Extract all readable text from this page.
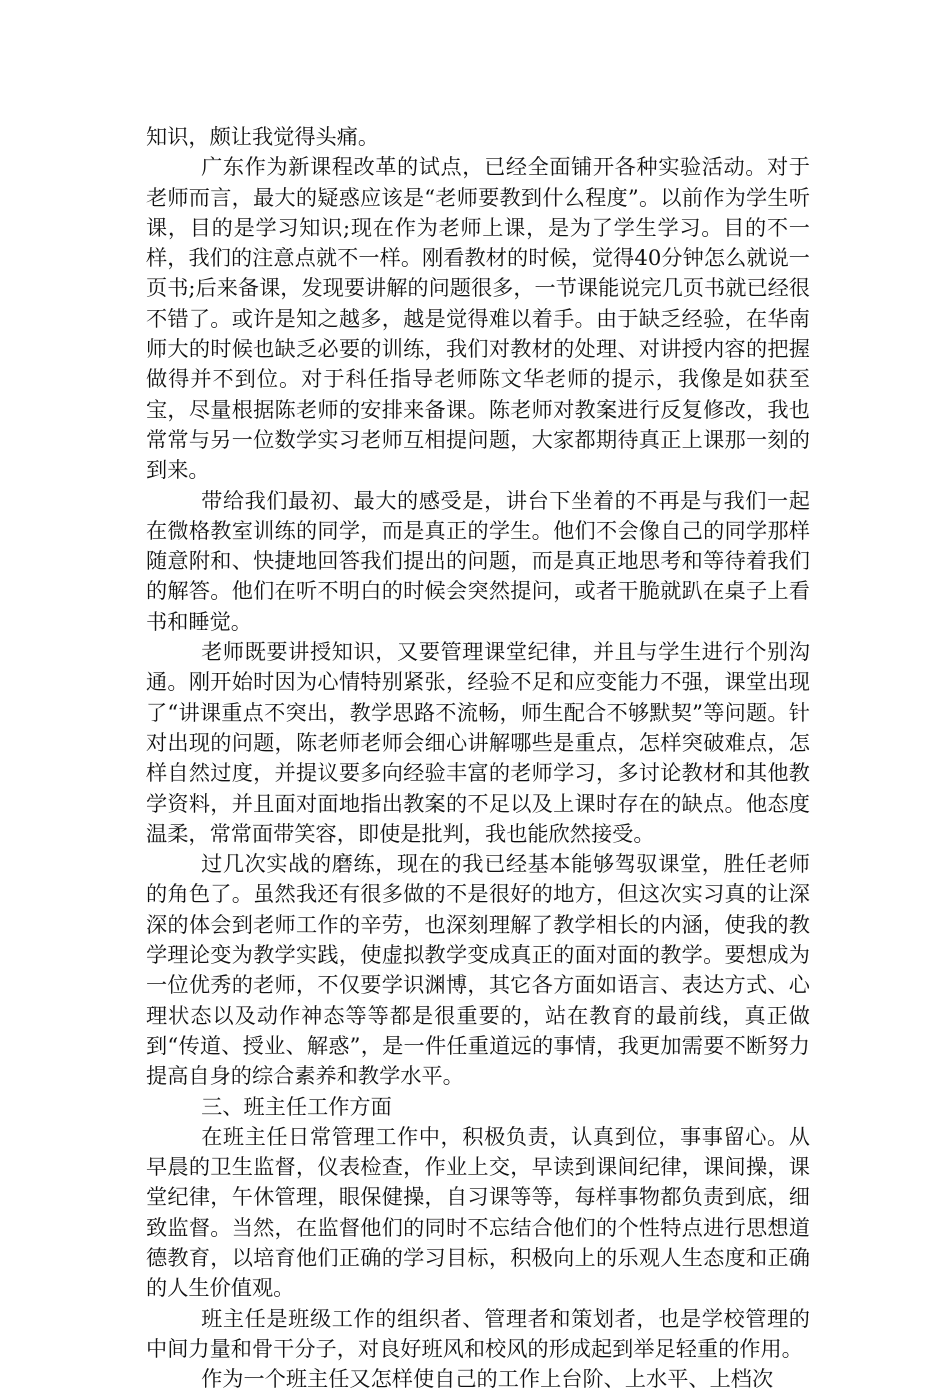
知识，颇让我觉得头痛。

广东作为新课程改革的试点，已经全面铺开各种实验活动。对于老师而言，最大的疑惑应该是“老师要教到什么程度”。以前作为学生听课，目的是学习知识;现在作为老师上课，是为了学生学习。目的不一样，我们的注意点就不一样。刚看教材的时候，觉得40分钟怎么就说一页书;后来备课，发现要讲解的问题很多，一节课能说完几页书就已经很不错了。或许是知之越多，越是觉得难以着手。由于缺乏经验，在华南师大的时候也缺乏必要的训练，我们对教材的处理、对讲授内容的把握做得并不到位。对于科任指导老师陈文华老师的提示，我像是如获至宝，尽量根据陈老师的安排来备课。陈老师对教案进行反复修改，我也常常与另一位数学实习老师互相提问题，大家都期待真正上课那一刻的到来。

带给我们最初、最大的感受是，讲台下坐着的不再是与我们一起在微格教室训练的同学，而是真正的学生。他们不会像自己的同学那样随意附和、快捷地回答我们提出的问题，而是真正地思考和等待着我们的解答。他们在听不明白的时候会突然提问，或者干脆就趴在桌子上看书和睡觉。

老师既要讲授知识，又要管理课堂纪律，并且与学生进行个别沟通。刚开始时因为心情特别紧张，经验不足和应变能力不强，课堂出现了“讲课重点不突出，教学思路不流畅，师生配合不够默契”等问题。针对出现的问题，陈老师老师会细心讲解哪些是重点，怎样突破难点，怎样自然过度，并提议要多向经验丰富的老师学习，多讨论教材和其他教学资料，并且面对面地指出教案的不足以及上课时存在的缺点。他态度温柔，常常面带笑容，即使是批判，我也能欣然接受。

过几次实战的磨练，现在的我已经基本能够驾驭课堂，胜任老师的角色了。虽然我还有很多做的不是很好的地方，但这次实习真的让深深的体会到老师工作的辛劳，也深刻理解了教学相长的内涵，使我的教学理论变为教学实践，使虚拟教学变成真正的面对面的教学。要想成为一位优秀的老师，不仅要学识渊博，其它各方面如语言、表达方式、心理状态以及动作神态等等都是很重要的，站在教育的最前线，真正做到“传道、授业、解惑”，是一件任重道远的事情，我更加需要不断努力提高自身的综合素养和教学水平。

三、班主任工作方面

在班主任日常管理工作中，积极负责，认真到位，事事留心。从早晨的卫生监督，仪表检查，作业上交，早读到课间纪律，课间操，课堂纪律，午休管理，眼保健操，自习课等等，每样事物都负责到底，细致监督。当然，在监督他们的同时不忘结合他们的个性特点进行思想道德教育，以培育他们正确的学习目标，积极向上的乐观人生态度和正确的人生价值观。

班主任是班级工作的组织者、管理者和策划者，也是学校管理的中间力量和骨干分子，对良好班风和校风的形成起到举足轻重的作用。

作为一个班主任又怎样使自己的工作上台阶、上水平、上档次
